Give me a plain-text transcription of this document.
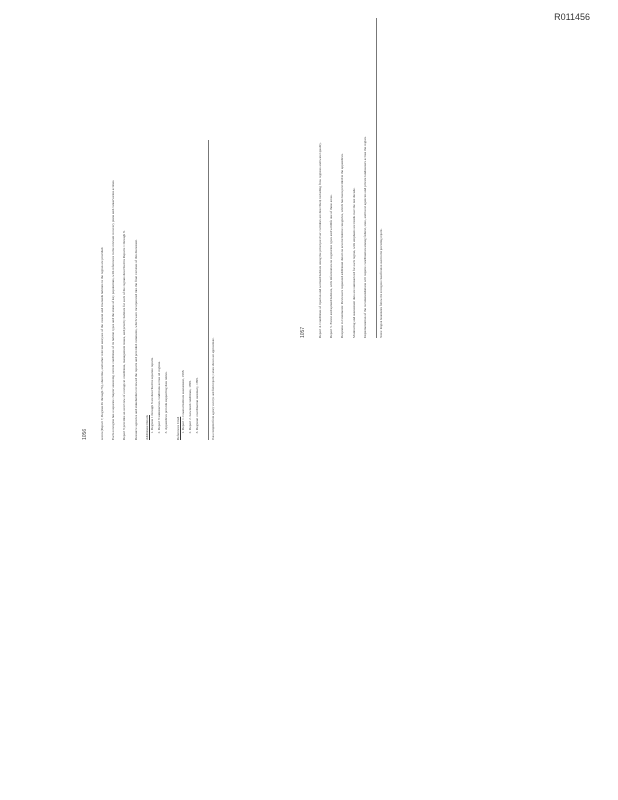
R011456
1056	seven (Report 7, Regions Ib through 7b), shoreline, and other relevant analyses of the coastal and lowlands habitats in the region are provided.	Each ecoregion has a separate chapter assessing current conditions of its habitat types and the status of key populations, with references to the relevant recovery plans and conservation actions.	Report 9 provides an overview of ecological conditions, management issues, and priority habitats for each of the regions described in Reports 1 through 8.	Resource agencies and stakeholders reviewed the reports and provided comments, which were incorporated into the final versions of this document.	Additional Details 1. Regions 1 through 8 are described in separate reports. 2. Report 9 summarizes conditions across all regions. 3. Appendices provide supporting data tables.	References Cited 1. Report 1. Coastal habitats assessment, 1998. 2. Report 2. Lowland conditions, 1998. 3. Regional coordination summary, 1999.	Data compiled from agency surveys and field reports; values shown are approximate.
1057	Report 4. Conditions of riparian and wetland habitats along the principal river corridors are described, including flow regimes and water quality.	Report 5. Forest and upland habitats, with information on vegetation types and wildlife use of these areas.	Response to Comments: Reviewers requested additional detail on several habitat categories, which has been provided in the appendices.	Monitoring and assessment data are summarized for each region, with emphasis on trends over the last decade.	Implementation of the recommendations will require coordination among federal, state, and local agencies and private landowners across the region.	Notes: Region boundaries follow the ecoregion classification used in the preceding reports.
